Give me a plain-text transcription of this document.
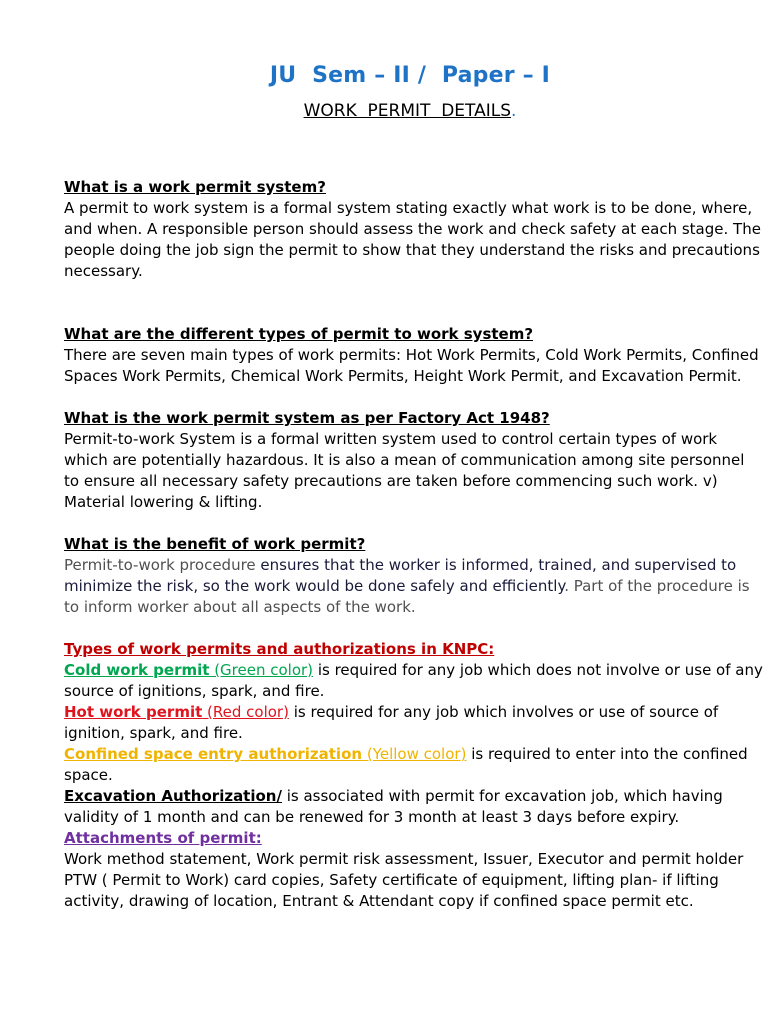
JU  Sem – II /  Paper – I
WORK  PERMIT  DETAILS.

What is a work permit system?

A permit to work system is a formal system stating exactly what work is to be done, where, and when. A responsible person should assess the work and check safety at each stage. The people doing the job sign the permit to show that they understand the risks and precautions necessary.

What are the different types of permit to work system?

There are seven main types of work permits: Hot Work Permits, Cold Work Permits, Confined Spaces Work Permits, Chemical Work Permits, Height Work Permit, and Excavation Permit.

What is the work permit system as per Factory Act 1948?

Permit-to-work System is a formal written system used to control certain types of work which are potentially hazardous. It is also a mean of communication among site personnel to ensure all necessary safety precautions are taken before commencing such work. v) Material lowering & lifting.

What is the benefit of work permit?

Permit-to-work procedure ensures that the worker is informed, trained, and supervised to minimize the risk, so the work would be done safely and efficiently. Part of the procedure is to inform worker about all aspects of the work.

Types of work permits and authorizations in KNPC:

Cold work permit (Green color) is required for any job which does not involve or use of any source of ignitions, spark, and fire.

Hot work permit (Red color) is required for any job which involves or use of source of ignition, spark, and fire.

Confined space entry authorization (Yellow color) is required to enter into the confined space.

Excavation Authorization/ is associated with permit for excavation job, which having validity of 1 month and can be renewed for 3 month at least 3 days before expiry.

Attachments of permit:

Work method statement, Work permit risk assessment, Issuer, Executor and permit holder PTW ( Permit to Work) card copies, Safety certificate of equipment, lifting plan- if lifting activity, drawing of location, Entrant & Attendant copy if confined space permit etc.
